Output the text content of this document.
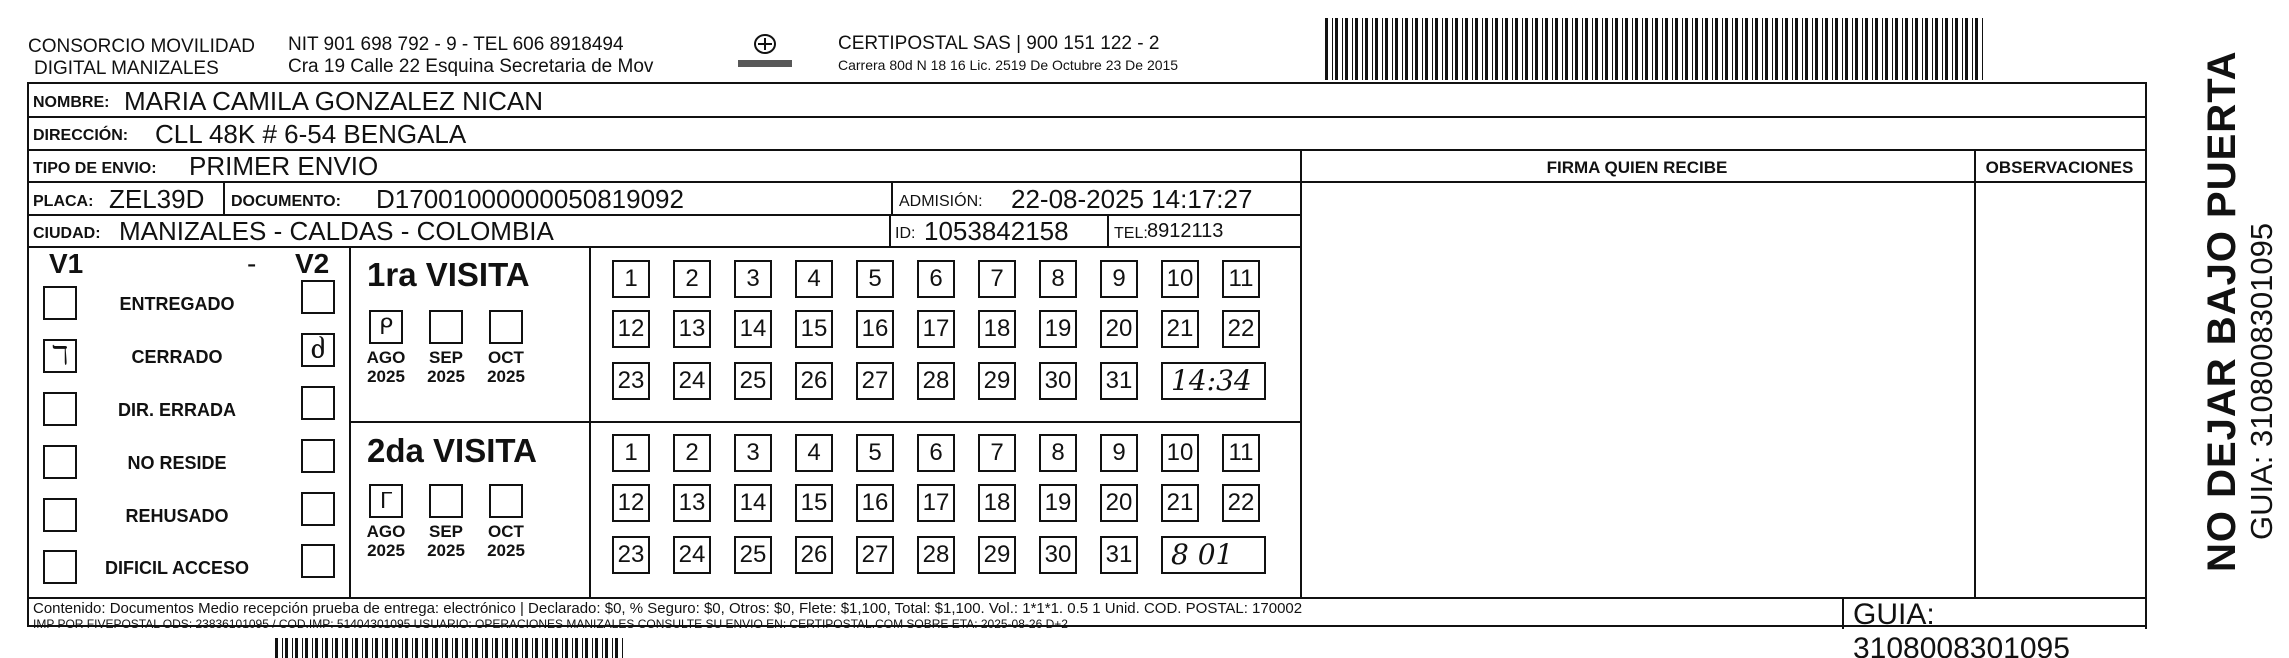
CONSORCIO MOVILIDAD
DIGITAL MANIZALES
NIT 901 698 792 - 9 - TEL 606 8918494
Cra 19 Calle 22 Esquina Secretaria de Mov
CERTIPOSTAL SAS | 900 151 122 - 2
Carrera 80d N 18 16 Lic. 2519 De Octubre 23 De 2015
NOMBRE: MARIA CAMILA GONZALEZ NICAN
DIRECCIÓN: CLL 48K # 6-54 BENGALA
TIPO DE ENVIO: PRIMER ENVIO	FIRMA QUIEN RECIBE	OBSERVACIONES
PLACA: ZEL39D DOCUMENTO: D17001000000050819092	ADMISIÓN: 22-08-2025 14:17:27
CIUDAD: MANIZALES - CALDAS - COLOMBIA	ID: 1053842158	TEL: 8912113
V1	- V2
ENTREGADO
ℸ	CERRADO	ძ
DIR. ERRADA
NO RESIDE
REHUSADO
DIFICIL ACCESO
1ra VISITA
ᑭ
AGO
2025
SEP
2025
OCT
2025
1	2	3	4	5	6	7	8	9	10 11
12 13 14 15 16 17 18 19 20 21 22
23 24 25 26 27 28 29 30 31	14:34
2da VISITA
ᒥ
AGO
2025
SEP
2025
OCT
2025
1	2	3	4	5	6	7	8	9	10 11
12 13 14 15 16 17 18 19 20 21 22
23 24 25 26 27 28 29 30 31	8 01
Contenido: Documentos Medio recepción prueba de entrega: electrónico | Declarado: $0, % Seguro: $0, Otros: $0, Flete: $1,100, Total: $1,100. Vol.: 1*1*1. 0.5 1 Unid. COD. POSTAL: 170002
IMP POR FIVEPOSTAL ODS: 23836101095 / COD.IMP: 51404301095 USUARIO: OPERACIONES MANIZALES CONSULTE SU ENVIO EN: CERTIPOSTAL.COM SOBRE ETA: 2025-08-26 D+2	GUIA: 3108008301095
NO DEJAR BAJO PUERTA GUIA: 3108008301095
